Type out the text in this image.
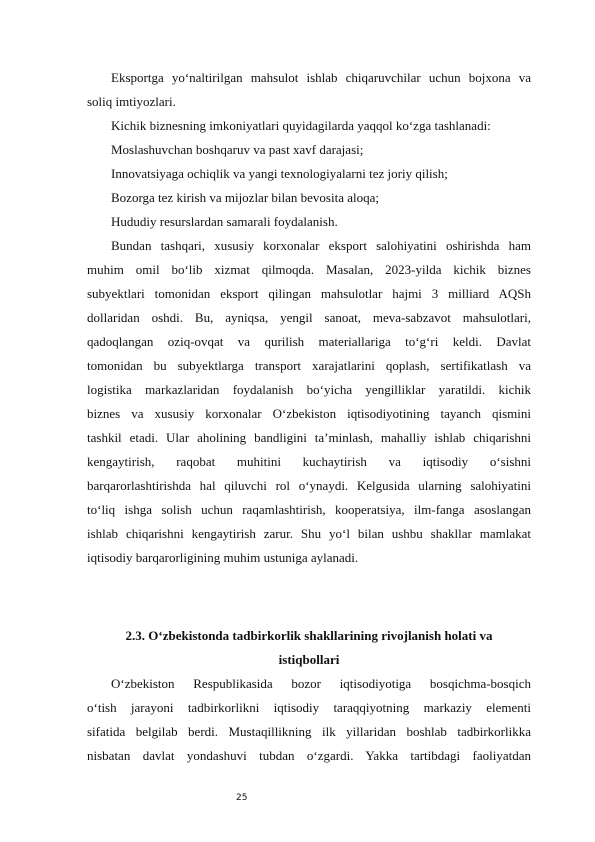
Eksportga yo‘naltirilgan mahsulot ishlab chiqaruvchilar uchun bojxona va
soliq imtiyozlari.
Kichik biznesning imkoniyatlari quyidagilarda yaqqol ko‘zga tashlanadi:
Moslashuvchan boshqaruv va past xavf darajasi;
Innovatsiyaga ochiqlik va yangi texnologiyalarni tez joriy qilish;
Bozorga tez kirish va mijozlar bilan bevosita aloqa;
Hududiy resurslardan samarali foydalanish.
Bundan tashqari, xususiy korxonalar eksport salohiyatini oshirishda ham
muhim omil bo‘lib xizmat qilmoqda. Masalan, 2023-yilda kichik biznes
subyektlari tomonidan eksport qilingan mahsulotlar hajmi 3 milliard AQSh
dollaridan oshdi. Bu, ayniqsa, yengil sanoat, meva-sabzavot mahsulotlari,
qadoqlangan oziq-ovqat va qurilish materiallariga to‘g‘ri keldi. Davlat
tomonidan bu subyektlarga transport xarajatlarini qoplash, sertifikatlash va
logistika markazlaridan foydalanish bo‘yicha yengilliklar yaratildi. kichik
biznes va xususiy korxonalar O‘zbekiston iqtisodiyotining tayanch qismini
tashkil etadi. Ular aholining bandligini ta’minlash, mahalliy ishlab chiqarishni
kengaytirish, raqobat muhitini kuchaytirish va iqtisodiy o‘sishni
barqarorlashtirishda hal qiluvchi rol o‘ynaydi. Kelgusida ularning salohiyatini
to‘liq ishga solish uchun raqamlashtirish, kooperatsiya, ilm-fanga asoslangan
ishlab chiqarishni kengaytirish zarur. Shu yo‘l bilan ushbu shakllar mamlakat
iqtisodiy barqarorligining muhim ustuniga aylanadi.
2.3. O‘zbekistonda tadbirkorlik shakllarining rivojlanish holati va
istiqbollari
O‘zbekiston Respublikasida bozor iqtisodiyotiga bosqichma-bosqich
o‘tish jarayoni tadbirkorlikni iqtisodiy taraqqiyotning markaziy elementi
sifatida belgilab berdi. Mustaqillikning ilk yillaridan boshlab tadbirkorlikka
nisbatan davlat yondashuvi tubdan o‘zgardi. Yakka tartibdagi faoliyatdan
25
